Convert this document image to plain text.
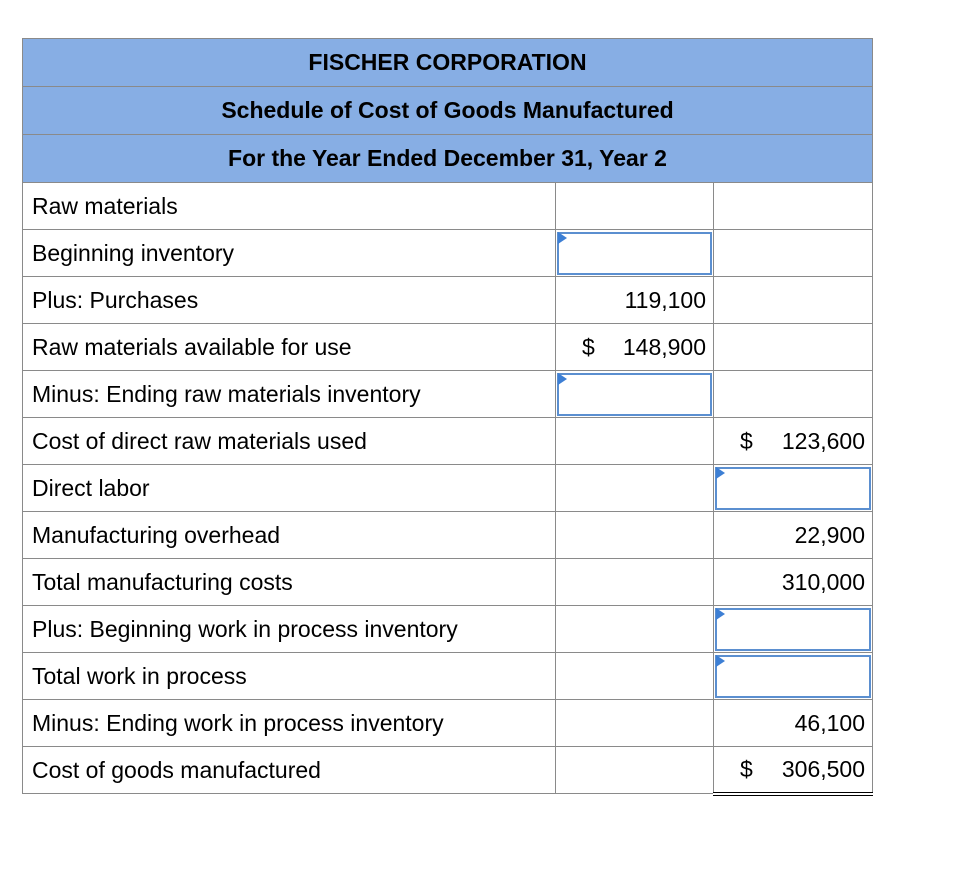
FISCHER CORPORATION		
Schedule of Cost of Goods Manufactured		
For the Year Ended December 31, Year 2		
Raw materials		
Beginning inventory	

Plus: Purchases	119,100	
Raw materials available for use	$ 148,900	

Minus: Ending raw materials inventory	

Cost of direct raw materials used		$ 123,600

Direct labor		

Manufacturing overhead		22,900
Total manufacturing costs		310,000
Plus: Beginning work in process inventory		

Total work in process		

Minus: Ending work in process inventory		46,100
Cost of goods manufactured		$ 306,500
